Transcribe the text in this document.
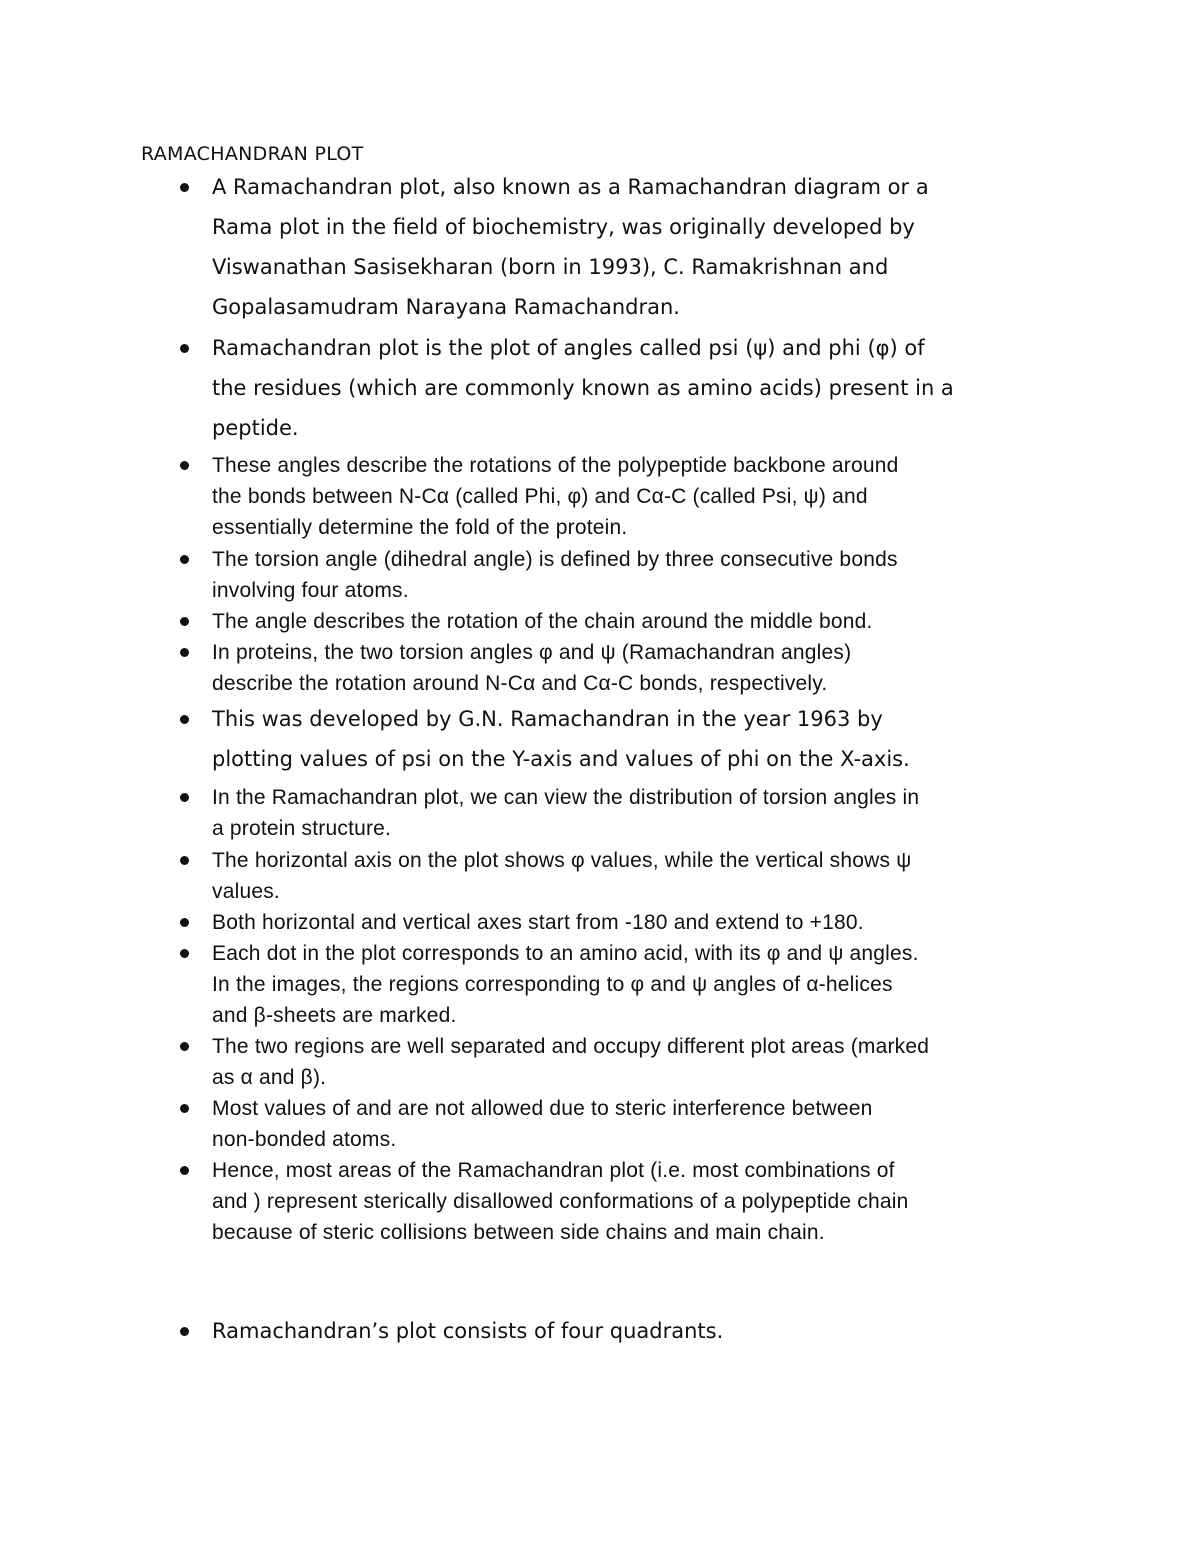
RAMACHANDRAN PLOT
A Ramachandran plot, also known as a Ramachandran diagram or a
Rama plot in the field of biochemistry, was originally developed by
Viswanathan Sasisekharan (born in 1993), C. Ramakrishnan and
Gopalasamudram Narayana Ramachandran.
Ramachandran plot is the plot of angles called psi (ψ) and phi (φ) of
the residues (which are commonly known as amino acids) present in a
peptide.
These angles describe the rotations of the polypeptide backbone around
the bonds between N-Cα (called Phi, φ) and Cα-C (called Psi, ψ) and
essentially determine the fold of the protein.
The torsion angle (dihedral angle) is defined by three consecutive bonds
involving four atoms.
The angle describes the rotation of the chain around the middle bond.
In proteins, the two torsion angles φ and ψ (Ramachandran angles)
describe the rotation around N-Cα and Cα-C bonds, respectively.
This was developed by G.N. Ramachandran in the year 1963 by
plotting values of psi on the Y-axis and values of phi on the X-axis.
In the Ramachandran plot, we can view the distribution of torsion angles in
a protein structure.
The horizontal axis on the plot shows φ values, while the vertical shows ψ
values.
Both horizontal and vertical axes start from -180 and extend to +180.
Each dot in the plot corresponds to an amino acid, with its φ and ψ angles.
In the images, the regions corresponding to φ and ψ angles of α-helices
and β-sheets are marked.
The two regions are well separated and occupy different plot areas (marked
as α and β).
Most values of and are not allowed due to steric interference between
non-bonded atoms.
Hence, most areas of the Ramachandran plot (i.e. most combinations of
and ) represent sterically disallowed conformations of a polypeptide chain
because of steric collisions between side chains and main chain.
Ramachandran’s plot consists of four quadrants.
